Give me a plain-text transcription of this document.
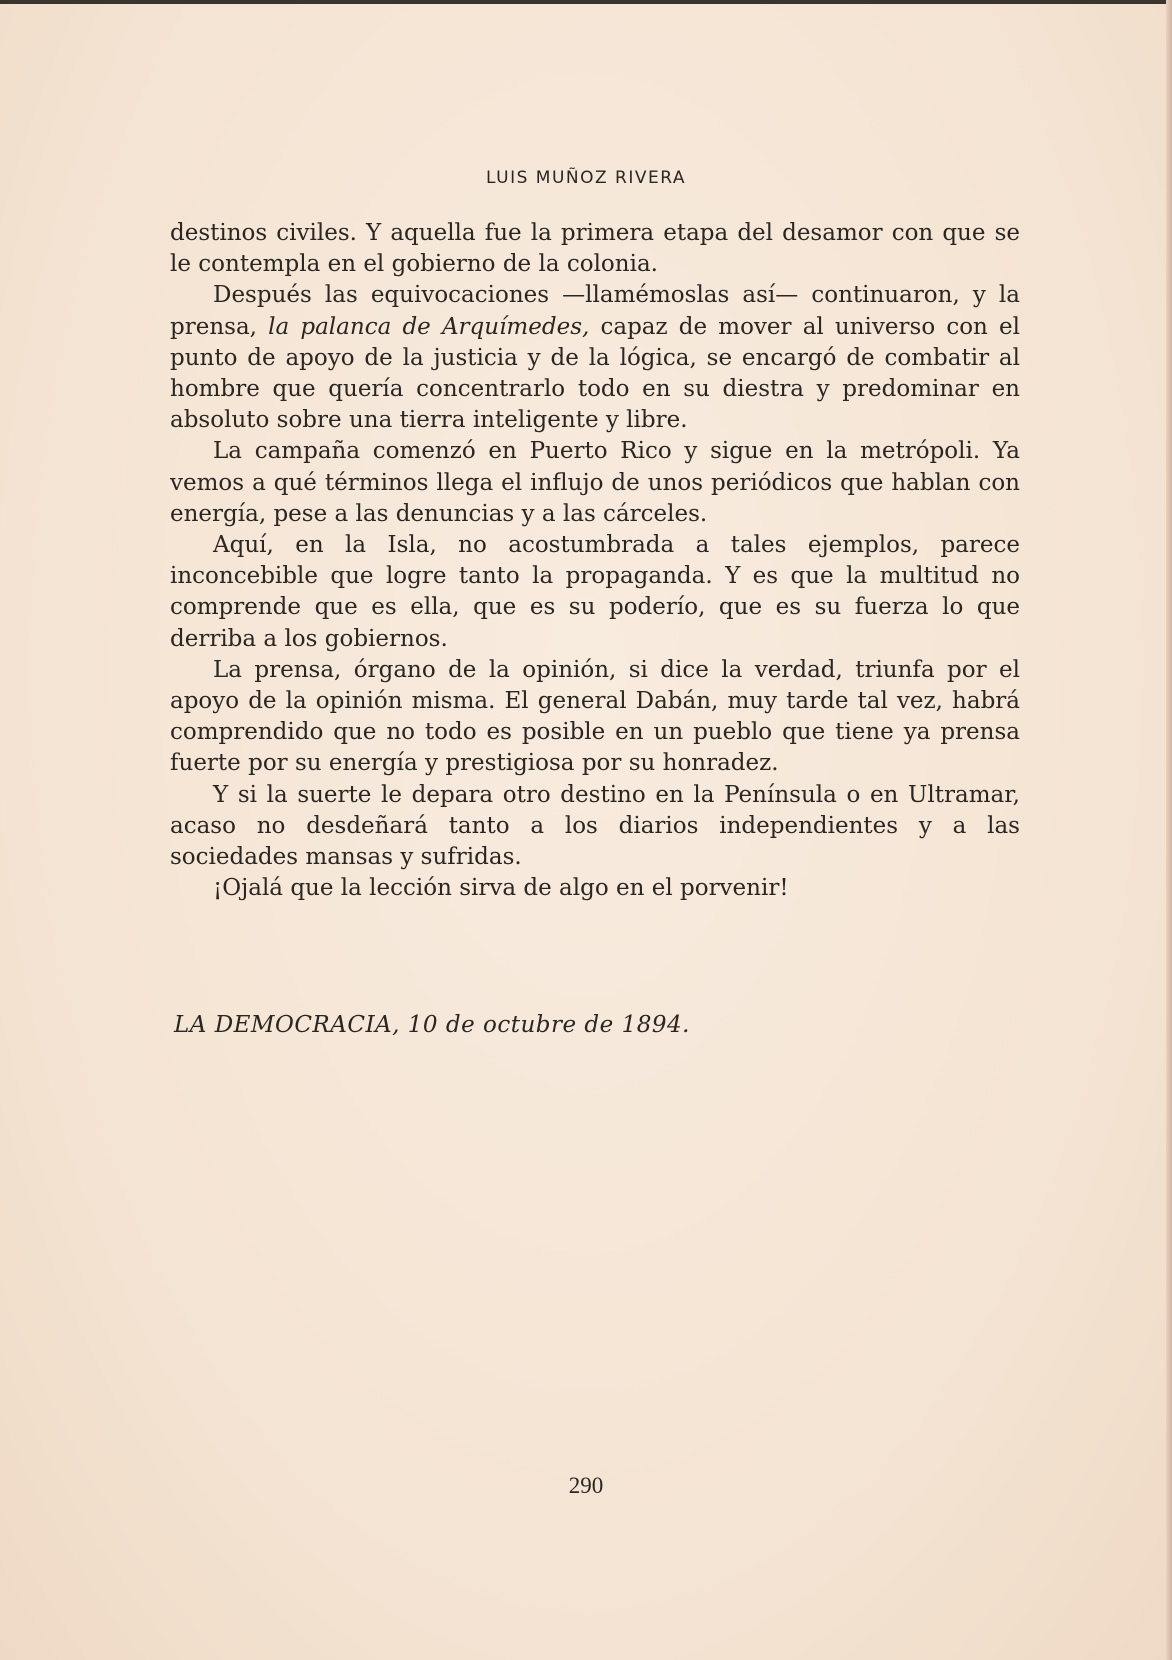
LUIS MUÑOZ RIVERA

destinos civiles. Y aquella fue la primera etapa del desamor con que se le contempla en el gobierno de la colonia.

Después las equivocaciones —llamémoslas así— continuaron, y la prensa, la palanca de Arquímedes, capaz de mover al universo con el punto de apoyo de la justicia y de la lógica, se encargó de combatir al hombre que quería concentrarlo todo en su diestra y predominar en absoluto sobre una tierra inteligente y libre.

La campaña comenzó en Puerto Rico y sigue en la metrópoli. Ya vemos a qué términos llega el influjo de unos periódicos que hablan con energía, pese a las denuncias y a las cárceles.

Aquí, en la Isla, no acostumbrada a tales ejemplos, parece inconcebible que logre tanto la propaganda. Y es que la multitud no comprende que es ella, que es su poderío, que es su fuerza lo que derriba a los gobiernos.

La prensa, órgano de la opinión, si dice la verdad, triunfa por el apoyo de la opinión misma. El general Dabán, muy tarde tal vez, habrá comprendido que no todo es posible en un pueblo que tiene ya prensa fuerte por su energía y prestigiosa por su honradez.

Y si la suerte le depara otro destino en la Península o en Ultramar, acaso no desdeñará tanto a los diarios independientes y a las sociedades mansas y sufridas.

¡Ojalá que la lección sirva de algo en el porvenir!

LA DEMOCRACIA, 10 de octubre de 1894.
290
